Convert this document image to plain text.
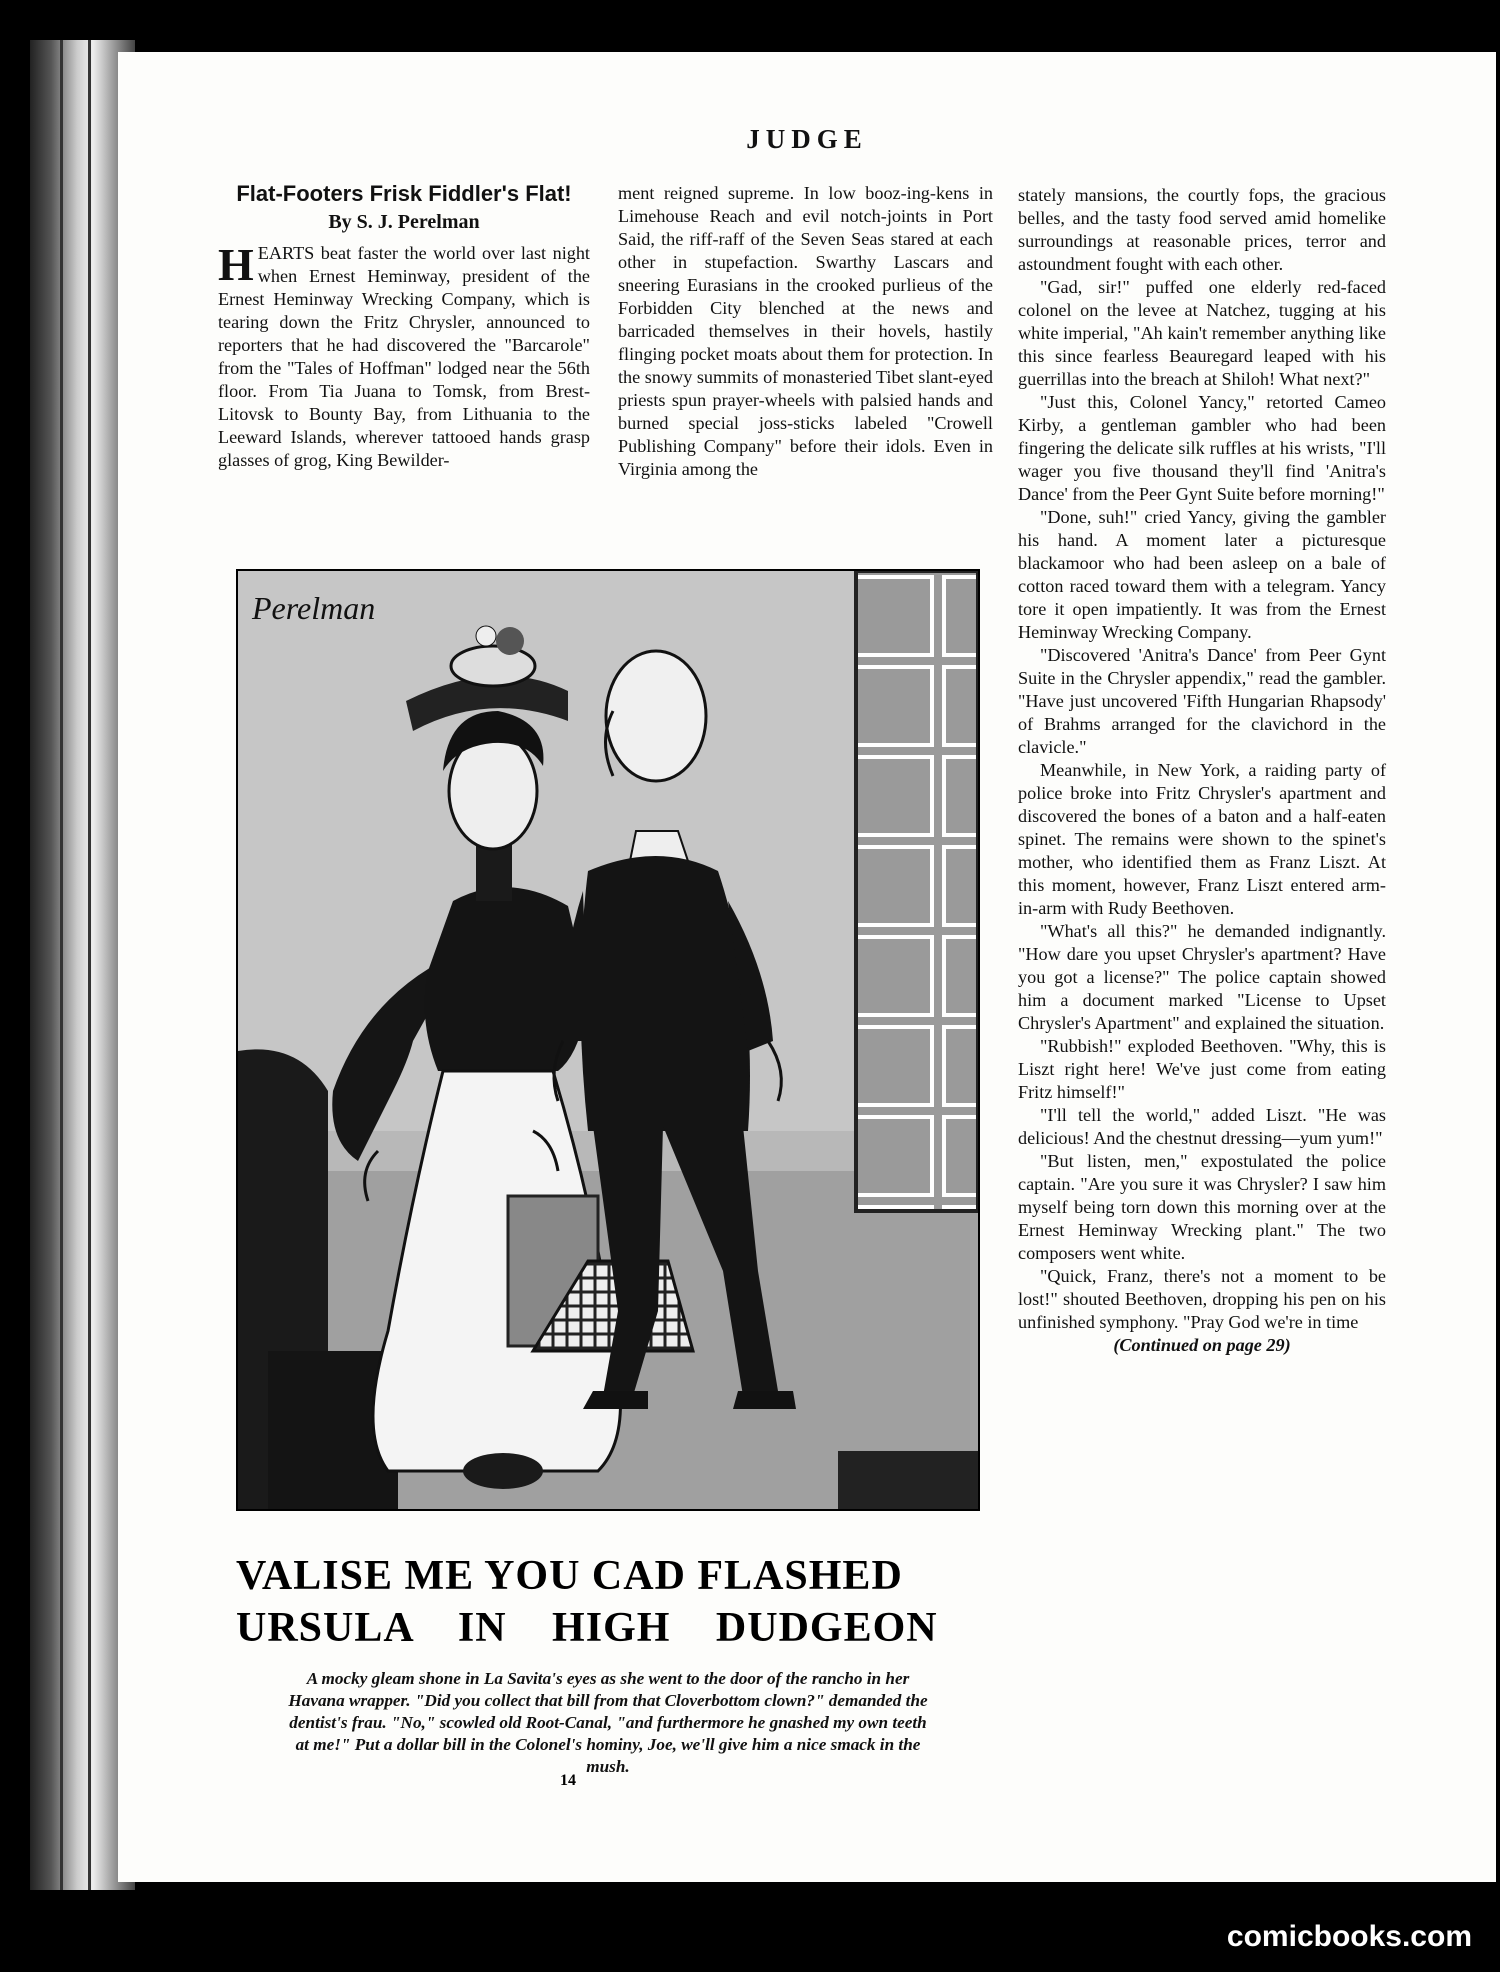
JUDGE
Flat-Footers Frisk Fiddler's Flat!
By S. J. Perelman

HEARTS beat faster the world over last night when Ernest Heminway, president of the Ernest Heminway Wrecking Company, which is tearing down the Fritz Chrysler, announced to reporters that he had discovered the "Barcarole" from the "Tales of Hoffman" lodged near the 56th floor. From Tia Juana to Tomsk, from Brest-Litovsk to Bounty Bay, from Lithuania to the Leeward Islands, wherever tattooed hands grasp glasses of grog, King Bewilder-

ment reigned supreme. In low booz-ing-kens in Limehouse Reach and evil notch-joints in Port Said, the riff-raff of the Seven Seas stared at each other in stupefaction. Swarthy Lascars and sneering Eurasians in the crooked purlieus of the Forbidden City blenched at the news and barricaded themselves in their hovels, hastily flinging pocket moats about them for protection. In the snowy summits of monasteried Tibet slant-eyed priests spun prayer-wheels with palsied hands and burned special joss-sticks labeled "Crowell Publishing Company" before their idols. Even in Virginia among the

stately mansions, the courtly fops, the gracious belles, and the tasty food served amid homelike surroundings at reasonable prices, terror and astoundment fought with each other.

"Gad, sir!" puffed one elderly red-faced colonel on the levee at Natchez, tugging at his white imperial, "Ah kain't remember anything like this since fearless Beauregard leaped with his guerrillas into the breach at Shiloh! What next?"

"Just this, Colonel Yancy," retorted Cameo Kirby, a gentleman gambler who had been fingering the delicate silk ruffles at his wrists, "I'll wager you five thousand they'll find 'Anitra's Dance' from the Peer Gynt Suite before morning!"

"Done, suh!" cried Yancy, giving the gambler his hand. A moment later a picturesque blackamoor who had been asleep on a bale of cotton raced toward them with a telegram. Yancy tore it open impatiently. It was from the Ernest Heminway Wrecking Company.

"Discovered 'Anitra's Dance' from Peer Gynt Suite in the Chrysler appendix," read the gambler. "Have just uncovered 'Fifth Hungarian Rhapsody' of Brahms arranged for the clavichord in the clavicle."

Meanwhile, in New York, a raiding party of police broke into Fritz Chrysler's apartment and discovered the bones of a baton and a half-eaten spinet. The remains were shown to the spinet's mother, who identified them as Franz Liszt. At this moment, however, Franz Liszt entered arm-in-arm with Rudy Beethoven.

"What's all this?" he demanded indignantly. "How dare you upset Chrysler's apartment? Have you got a license?" The police captain showed him a document marked "License to Upset Chrysler's Apartment" and explained the situation.

"Rubbish!" exploded Beethoven. "Why, this is Liszt right here! We've just come from eating Fritz himself!"

"I'll tell the world," added Liszt. "He was delicious! And the chestnut dressing—yum yum!"

"But listen, men," expostulated the police captain. "Are you sure it was Chrysler? I saw him myself being torn down this morning over at the Ernest Heminway Wrecking plant." The two composers went white.

"Quick, Franz, there's not a moment to be lost!" shouted Beethoven, dropping his pen on his unfinished symphony. "Pray God we're in time

(Continued on page 29)
Perelman
VALISE ME YOU CAD FLASHED
URSULA IN HIGH DUDGEON
A mocky gleam shone in La Savita's eyes as she went to the door of the rancho in her Havana wrapper. "Did you collect that bill from that Cloverbottom clown?" demanded the dentist's frau. "No," scowled old Root-Canal, "and furthermore he gnashed my own teeth at me!" Put a dollar bill in the Colonel's hominy, Joe, we'll give him a nice smack in the mush.
14
comicbooks.com
